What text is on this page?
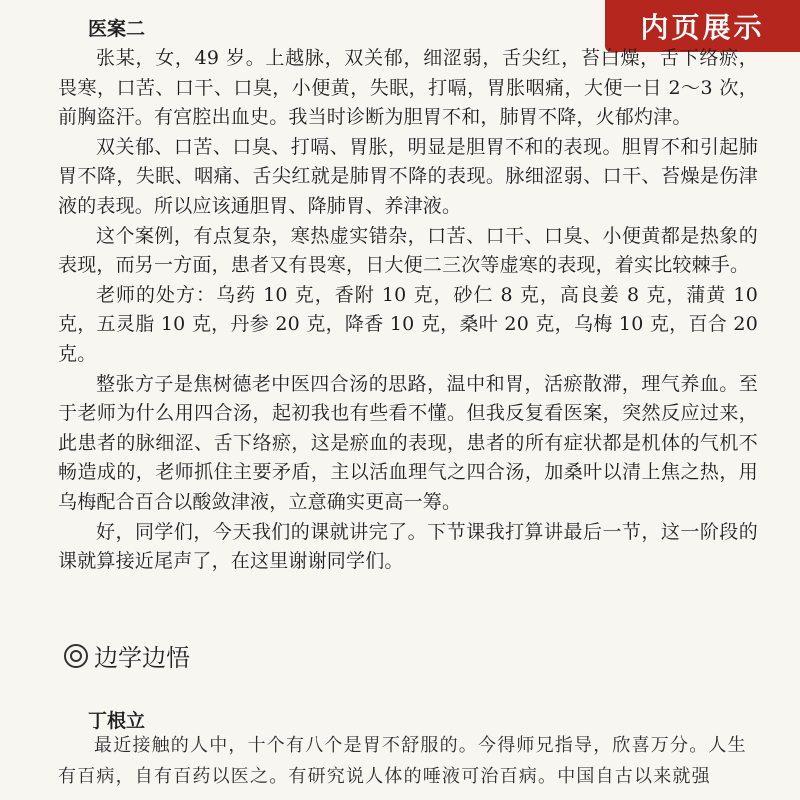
内页展示
医案二

张某，女，49 岁。上越脉，双关郁，细涩弱，舌尖红，苔白燥，舌下络瘀，畏寒，口苦、口干、口臭，小便黄，失眠，打嗝，胃胀咽痛，大便一日 2～3 次，前胸盗汗。有宫腔出血史。我当时诊断为胆胃不和，肺胃不降，火郁灼津。

双关郁、口苦、口臭、打嗝、胃胀，明显是胆胃不和的表现。胆胃不和引起肺胃不降，失眠、咽痛、舌尖红就是肺胃不降的表现。脉细涩弱、口干、苔燥是伤津液的表现。所以应该通胆胃、降肺胃、养津液。

这个案例，有点复杂，寒热虚实错杂，口苦、口干、口臭、小便黄都是热象的表现，而另一方面，患者又有畏寒，日大便二三次等虚寒的表现，着实比较棘手。

老师的处方：乌药 10 克，香附 10 克，砂仁 8 克，高良姜 8 克，蒲黄 10 克，五灵脂 10 克，丹参 20 克，降香 10 克，桑叶 20 克，乌梅 10 克，百合 20 克。

整张方子是焦树德老中医四合汤的思路，温中和胃，活瘀散滞，理气养血。至于老师为什么用四合汤，起初我也有些看不懂。但我反复看医案，突然反应过来，此患者的脉细涩、舌下络瘀，这是瘀血的表现，患者的所有症状都是机体的气机不畅造成的，老师抓住主要矛盾，主以活血理气之四合汤，加桑叶以清上焦之热，用乌梅配合百合以酸敛津液，立意确实更高一筹。

好，同学们，今天我们的课就讲完了。下节课我打算讲最后一节，这一阶段的课就算接近尾声了，在这里谢谢同学们。

边学边悟
丁根立

最近接触的人中，十个有八个是胃不舒服的。今得师兄指导，欣喜万分。人生有百病，自有百药以医之。有研究说人体的唾液可治百病。中国自古以来就强
